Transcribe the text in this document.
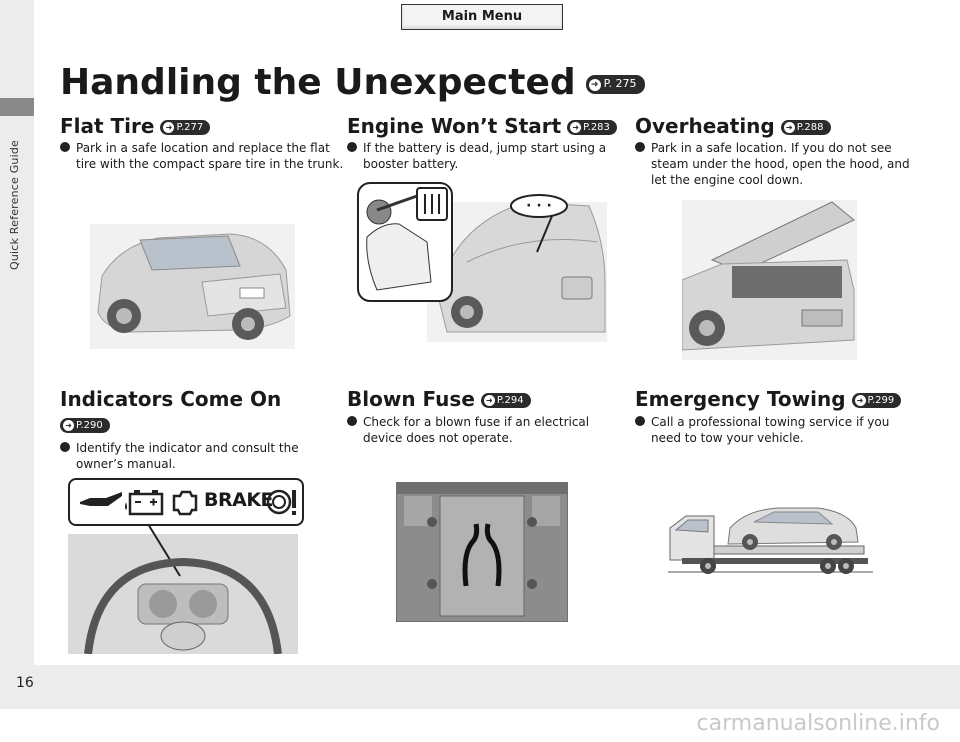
Quick Reference Guide
16
carmanualsonline.info
Main Menu
Handling the Unexpected ➜ P. 275
Flat Tire ➜ P.277
Park in a safe location and replace the flat tire with the compact spare tire in the trunk.
Engine Won’t Start ➜ P.283
If the battery is dead, jump start using a booster battery.
· · ·
Overheating ➜ P.288
Park in a safe location. If you do not see steam under the hood, open the hood, and let the engine cool down.
Indicators Come On
➜ P.290
Identify the indicator and consult the owner’s manual.
BRAKE
Blown Fuse ➜ P.294
Check for a blown fuse if an electrical device does not operate.
Emergency Towing ➜ P.299
Call a professional towing service if you need to tow your vehicle.
